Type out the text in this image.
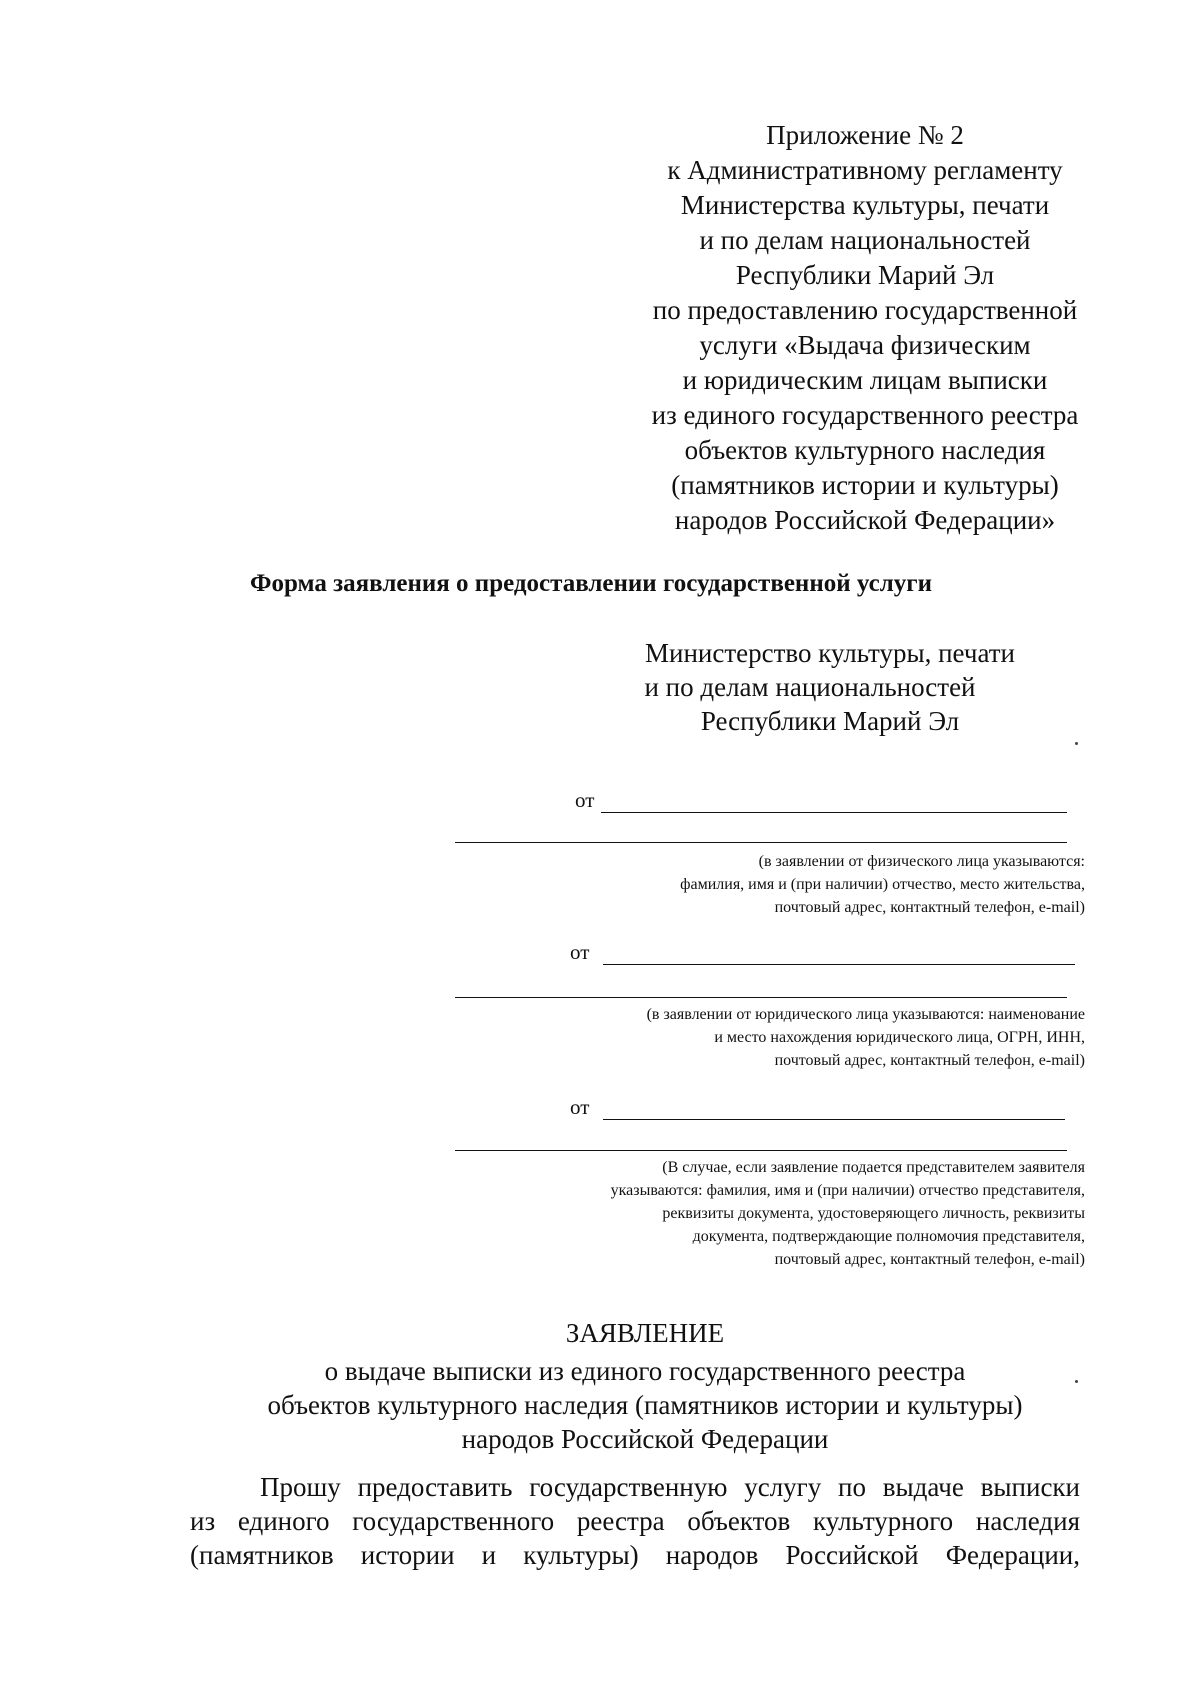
Приложение № 2
к Административному регламенту
Министерства культуры, печати
и по делам национальностей
Республики Марий Эл
по предоставлению государственной
услуги «Выдача физическим
и юридическим лицам выписки
из единого государственного реестра
объектов культурного наследия
(памятников истории и культуры)
народов Российской Федерации»
Форма заявления о предоставлении государственной услуги
Министерство культуры, печати
и по делам национальностей
Республики Марий Эл
от
(в заявлении от физического лица указываются:
фамилия, имя и (при наличии) отчество, место жительства,
почтовый адрес, контактный телефон, e-mail)
от
(в заявлении от юридического лица указываются: наименование
и место нахождения юридического лица, ОГРН, ИНН,
почтовый адрес, контактный телефон, e-mail)
от
(В случае, если заявление подается представителем заявителя
указываются: фамилия, имя и (при наличии) отчество представителя,
реквизиты документа, удостоверяющего личность, реквизиты
документа, подтверждающие полномочия представителя,
почтовый адрес, контактный телефон, e-mail)
ЗАЯВЛЕНИЕ
о выдаче выписки из единого государственного реестра
объектов культурного наследия (памятников истории и культуры)
народов Российской Федерации
Прошу предоставить государственную услугу по выдаче выписки
из единого государственного реестра объектов культурного наследия
(памятников истории и культуры) народов Российской Федерации,
